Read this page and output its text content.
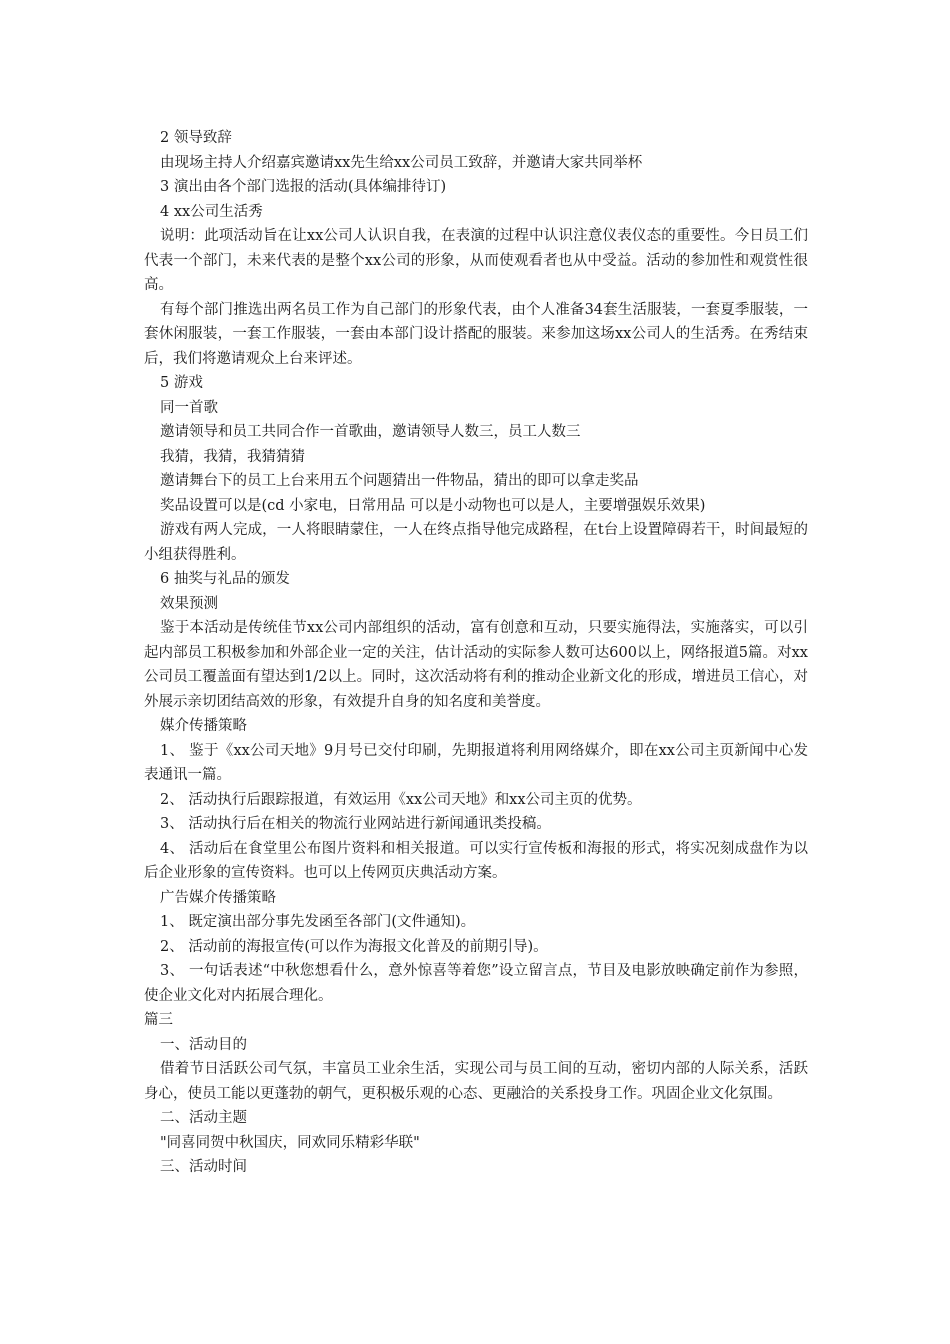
2 领导致辞

由现场主持人介绍嘉宾邀请xx先生给xx公司员工致辞，并邀请大家共同举杯

3 演出由各个部门选报的活动(具体编排待订)

4 xx公司生活秀

说明：此项活动旨在让xx公司人认识自我，在表演的过程中认识注意仪表仪态的重要性。今日员工们代表一个部门，未来代表的是整个xx公司的形象，从而使观看者也从中受益。活动的参加性和观赏性很高。

有每个部门推选出两名员工作为自己部门的形象代表，由个人准备34套生活服装，一套夏季服装，一套休闲服装，一套工作服装，一套由本部门设计搭配的服装。来参加这场xx公司人的生活秀。在秀结束后，我们将邀请观众上台来评述。

5 游戏

同一首歌

邀请领导和员工共同合作一首歌曲，邀请领导人数三，员工人数三

我猜，我猜，我猜猜猜

邀请舞台下的员工上台来用五个问题猜出一件物品，猜出的即可以拿走奖品

奖品设置可以是(cd 小家电，日常用品 可以是小动物也可以是人，主要增强娱乐效果)

游戏有两人完成，一人将眼睛蒙住，一人在终点指导他完成路程，在t台上设置障碍若干，时间最短的小组获得胜利。

6 抽奖与礼品的颁发

效果预测

鉴于本活动是传统佳节xx公司内部组织的活动，富有创意和互动，只要实施得法，实施落实，可以引起内部员工积极参加和外部企业一定的关注，估计活动的实际参人数可达600以上，网络报道5篇。对xx公司员工覆盖面有望达到1/2以上。同时，这次活动将有利的推动企业新文化的形成，增进员工信心，对外展示亲切团结高效的形象，有效提升自身的知名度和美誉度。

媒介传播策略

1、 鉴于《xx公司天地》9月号已交付印刷，先期报道将利用网络媒介，即在xx公司主页新闻中心发表通讯一篇。

2、 活动执行后跟踪报道，有效运用《xx公司天地》和xx公司主页的优势。

3、 活动执行后在相关的物流行业网站进行新闻通讯类投稿。

4、 活动后在食堂里公布图片资料和相关报道。可以实行宣传板和海报的形式，将实况刻成盘作为以后企业形象的宣传资料。也可以上传网页庆典活动方案。

广告媒介传播策略

1、 既定演出部分事先发函至各部门(文件通知)。

2、 活动前的海报宣传(可以作为海报文化普及的前期引导)。

3、 一句话表述“中秋您想看什么，意外惊喜等着您”设立留言点，节目及电影放映确定前作为参照，使企业文化对内拓展合理化。

篇三

一、活动目的

借着节日活跃公司气氛，丰富员工业余生活，实现公司与员工间的互动，密切内部的人际关系，活跃身心，使员工能以更蓬勃的朝气，更积极乐观的心态、更融洽的关系投身工作。巩固企业文化氛围。

二、活动主题

"同喜同贺中秋国庆，同欢同乐精彩华联"

三、活动时间
